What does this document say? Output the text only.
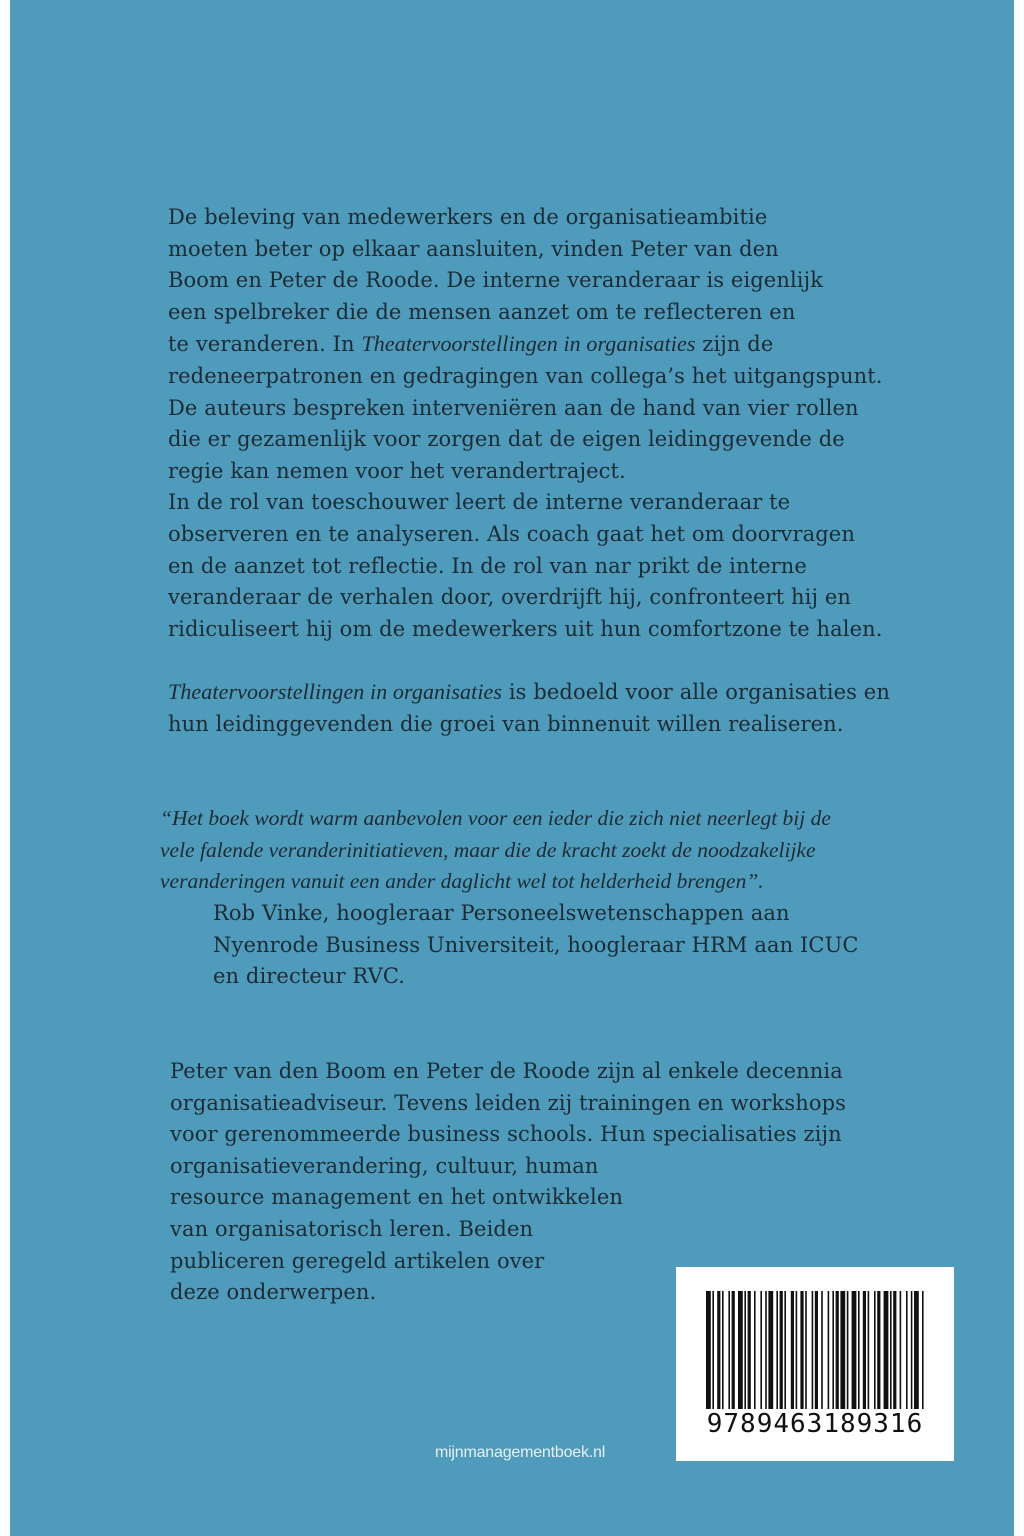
De beleving van medewerkers en de organisatieambitie
moeten beter op elkaar aansluiten, vinden Peter van den
Boom en Peter de Roode. De interne veranderaar is eigenlijk
een spelbreker die de mensen aanzet om te reflecteren en
te veranderen. In Theatervoorstellingen in organisaties zijn de
redeneerpatronen en gedragingen van collega’s het uitgangspunt.
De auteurs bespreken interveniëren aan de hand van vier rollen
die er gezamenlijk voor zorgen dat de eigen leidinggevende de
regie kan nemen voor het verandertraject.
In de rol van toeschouwer leert de interne veranderaar te
observeren en te analyseren. Als coach gaat het om doorvragen
en de aanzet tot reflectie. In de rol van nar prikt de interne
veranderaar de verhalen door, overdrijft hij, confronteert hij en
ridiculiseert hij om de medewerkers uit hun comfortzone te halen.
Theatervoorstellingen in organisaties is bedoeld voor alle organisaties en
hun leidinggevenden die groei van binnenuit willen realiseren.
“Het boek wordt warm aanbevolen voor een ieder die zich niet neerlegt bij de
vele falende veranderinitiatieven, maar die de kracht zoekt de noodzakelijke
veranderingen vanuit een ander daglicht wel tot helderheid brengen”.
Rob Vinke, hoogleraar Personeelswetenschappen aan
Nyenrode Business Universiteit, hoogleraar HRM aan ICUC
en directeur RVC.
Peter van den Boom en Peter de Roode zijn al enkele decennia
organisatieadviseur. Tevens leiden zij trainingen en workshops
voor gerenommeerde business schools. Hun specialisaties zijn
organisatieverandering, cultuur, human
resource management en het ontwikkelen
van organisatorisch leren. Beiden
publiceren geregeld artikelen over
deze onderwerpen.
9789463189316
mijnmanagementboek.nl
